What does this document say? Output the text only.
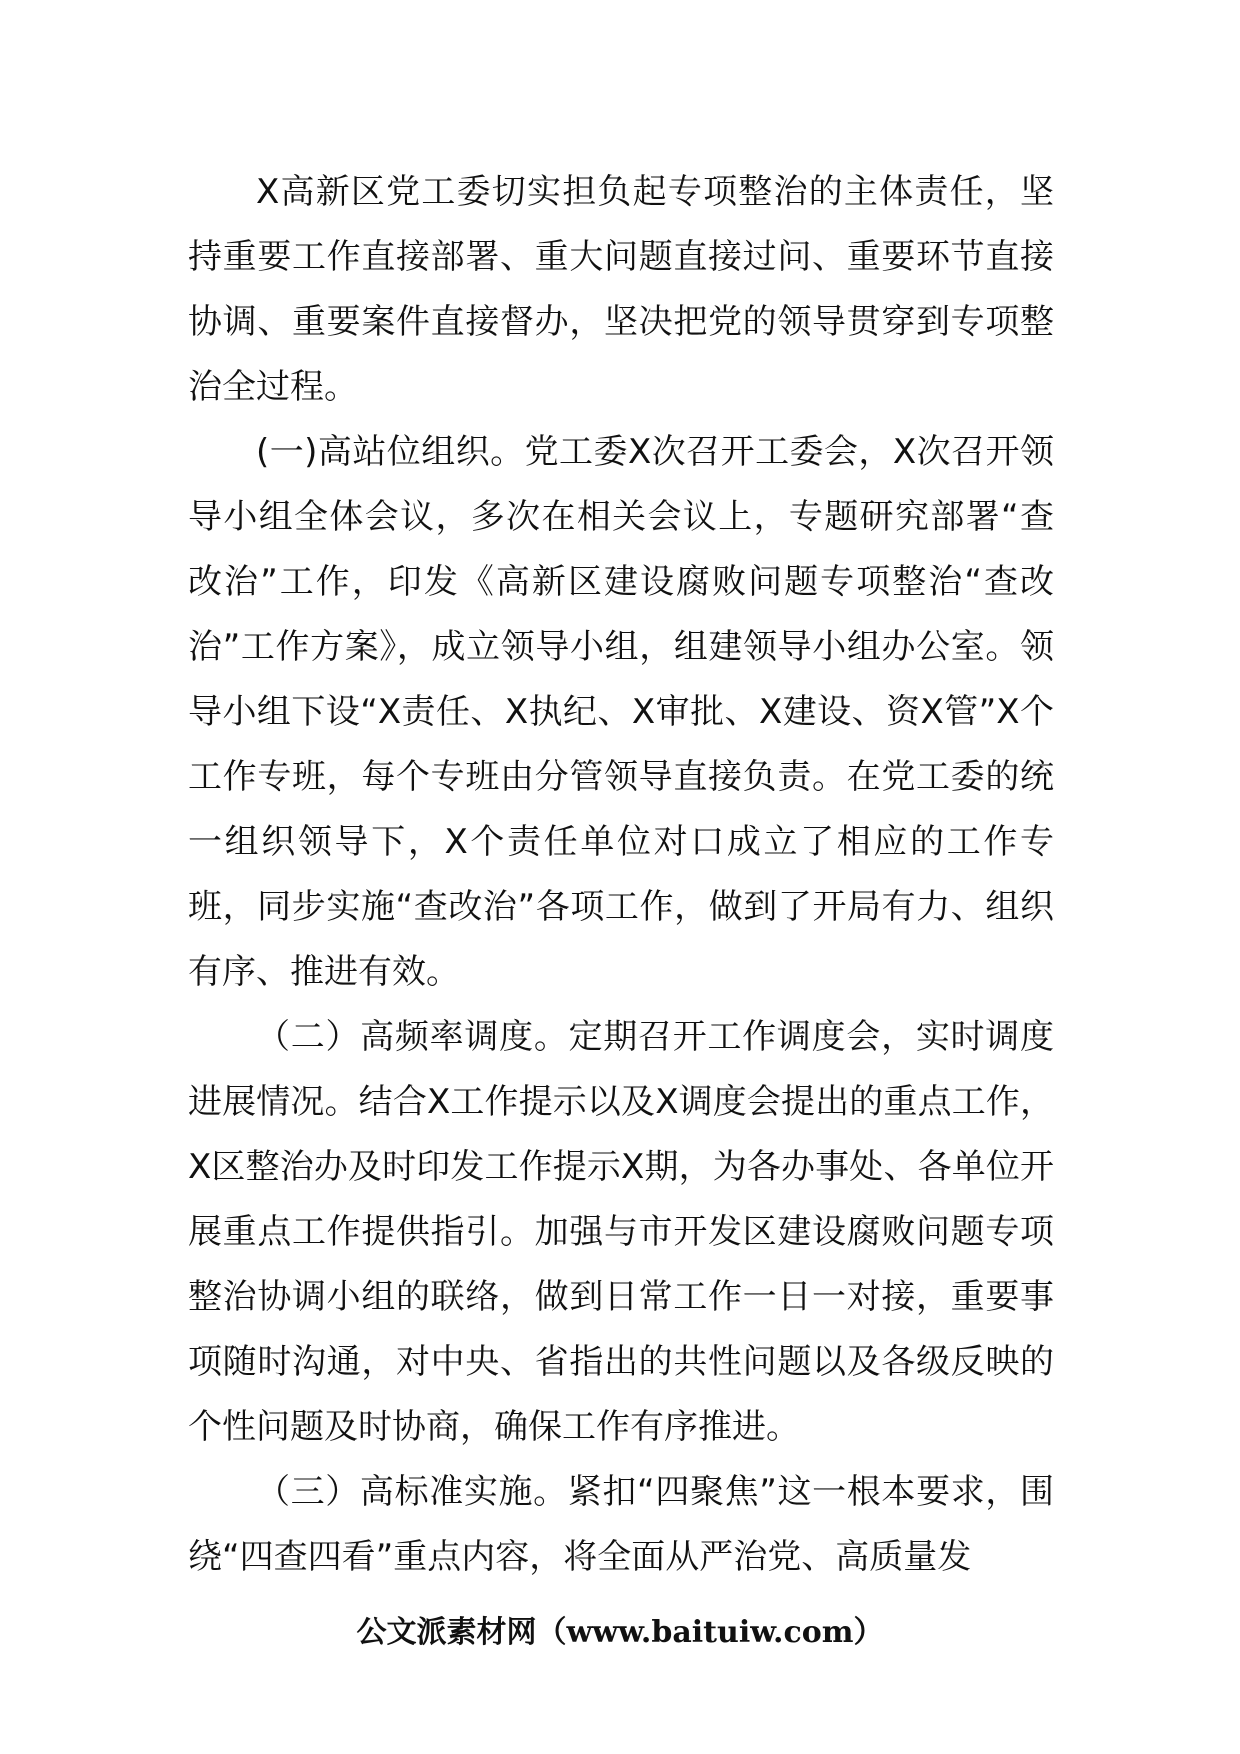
X高新区党工委切实担负起专项整治的主体责任，坚持重要工作直接部署、重大问题直接过问、重要环节直接协调、重要案件直接督办，坚决把党的领导贯穿到专项整治全过程。

(一)高站位组织。党工委X次召开工委会，X次召开领导小组全体会议，多次在相关会议上，专题研究部署“查改治”工作，印发《高新区建设腐败问题专项整治“查改治”工作方案》，成立领导小组，组建领导小组办公室。领导小组下设“X责任、X执纪、X审批、X建设、资X管”X个工作专班，每个专班由分管领导直接负责。在党工委的统一组织领导下，X个责任单位对口成立了相应的工作专班，同步实施“查改治”各项工作，做到了开局有力、组织有序、推进有效。

（二）高频率调度。定期召开工作调度会，实时调度进展情况。结合X工作提示以及X调度会提出的重点工作，X区整治办及时印发工作提示X期，为各办事处、各单位开展重点工作提供指引。加强与市开发区建设腐败问题专项整治协调小组的联络，做到日常工作一日一对接，重要事项随时沟通，对中央、省指出的共性问题以及各级反映的个性问题及时协商，确保工作有序推进。

（三）高标准实施。紧扣“四聚焦”这一根本要求，围绕“四查四看”重点内容，将全面从严治党、高质量发

公文派素材网（www.baituiw.com）
